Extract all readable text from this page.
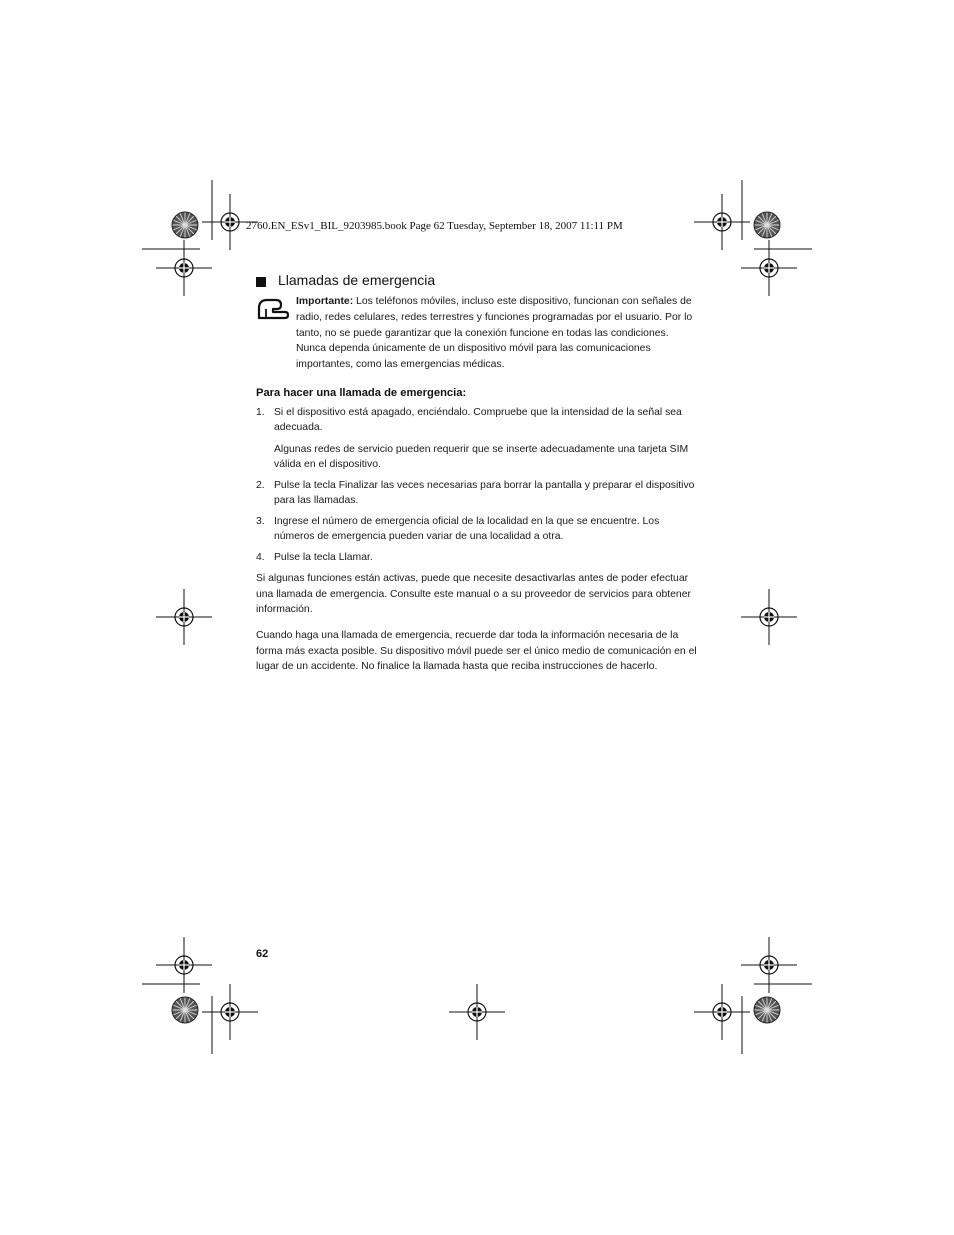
2760.EN_ESv1_BIL_9203985.book Page 62 Tuesday, September 18, 2007 11:11 PM
Llamadas de emergencia
Importante: Los teléfonos móviles, incluso este dispositivo, funcionan con señales de radio, redes celulares, redes terrestres y funciones programadas por el usuario. Por lo tanto, no se puede garantizar que la conexión funcione en todas las condiciones. Nunca dependa únicamente de un dispositivo móvil para las comunicaciones importantes, como las emergencias médicas.
Para hacer una llamada de emergencia:
1. Si el dispositivo está apagado, enciéndalo. Compruebe que la intensidad de la señal sea adecuada.
Algunas redes de servicio pueden requerir que se inserte adecuadamente una tarjeta SIM válida en el dispositivo.
2. Pulse la tecla Finalizar las veces necesarias para borrar la pantalla y preparar el dispositivo para las llamadas.
3. Ingrese el número de emergencia oficial de la localidad en la que se encuentre. Los números de emergencia pueden variar de una localidad a otra.
4. Pulse la tecla Llamar.

Si algunas funciones están activas, puede que necesite desactivarlas antes de poder efectuar una llamada de emergencia. Consulte este manual o a su proveedor de servicios para obtener información.

Cuando haga una llamada de emergencia, recuerde dar toda la información necesaria de la forma más exacta posible. Su dispositivo móvil puede ser el único medio de comunicación en el lugar de un accidente. No finalice la llamada hasta que reciba instrucciones de hacerlo.

62
